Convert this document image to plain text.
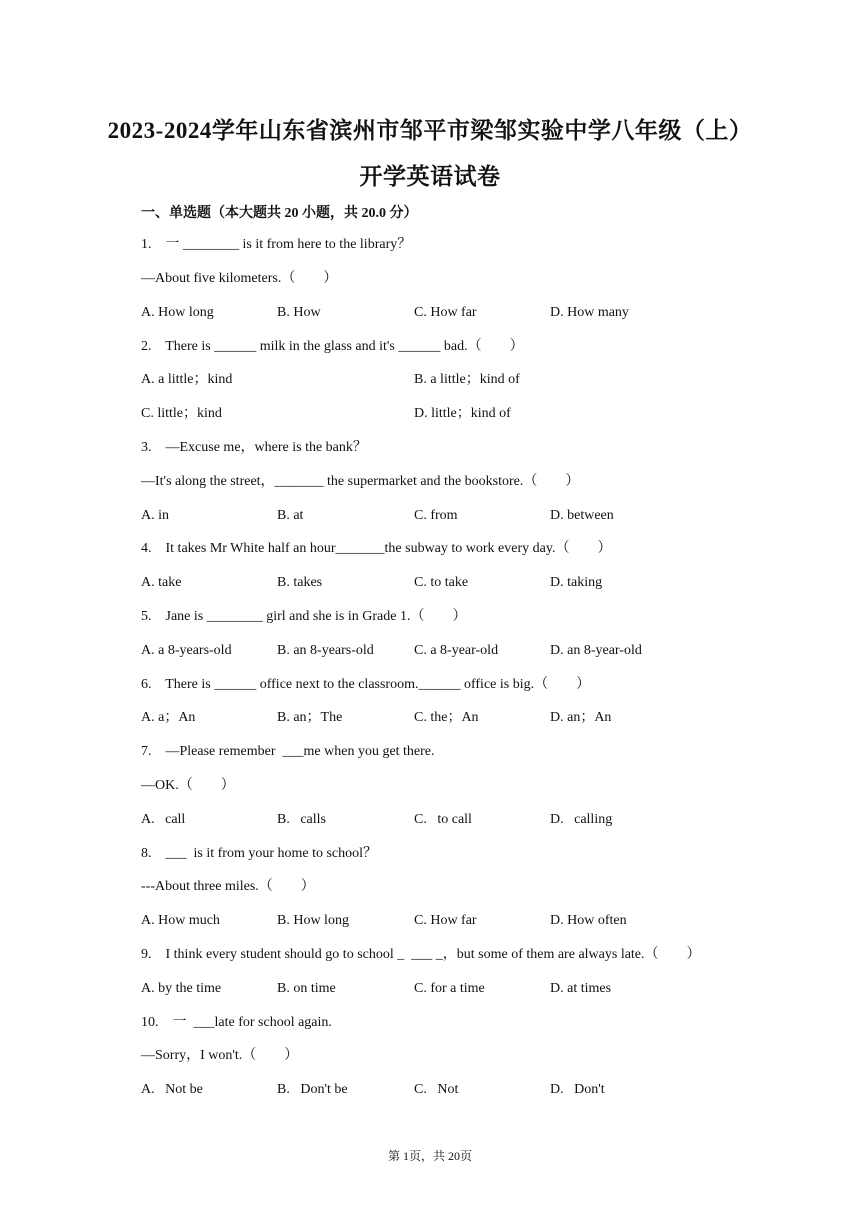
2023-2024学年山东省滨州市邹平市梁邹实验中学八年级（上）
开学英语试卷
一、单选题（本大题共 20 小题，共 20.0 分）
1.    一 ________ is it from here to the library？
—About five kilometers.（        ）
A. How long	B. How	C. How far	D. How many
2.    There is ______ milk in the glass and it's ______ bad.（        ）
A. a little；kind	B. a little；kind of
C. little；kind	D. little；kind of
3.    —Excuse me，where is the bank？
—It's along the street，_______ the supermarket and the bookstore.（        ）
A. in	B. at	C. from	D. between
4.    It takes Mr White half an hour_______the subway to work every day.（        ）
A. take	B. takes	C. to take	D. taking
5.    Jane is ________ girl and she is in Grade 1.（        ）
A. a 8-years-old	B. an 8-years-old	C. a 8-year-old	D. an 8-year-old
6.    There is ______ office next to the classroom.______ office is big.（        ）
A. a；An	B. an；The	C. the；An	D. an；An
7.    —Please remember  ___me when you get there.
—OK.（        ）
A.   call	B.   calls	C.   to call	D.   calling
8.    ___  is it from your home to school？
---About three miles.（        ）
A. How much	B. How long	C. How far	D. How often
9.    I think every student should go to school _  ___ _，but some of them are always late.（        ）
A. by the time	B. on time	C. for a time	D. at times
10.    一  ___late for school again.
—Sorry，I won't.（        ）
A.   Not be	B.   Don't be	C.   Not	D.   Don't
第 1页，共 20页
